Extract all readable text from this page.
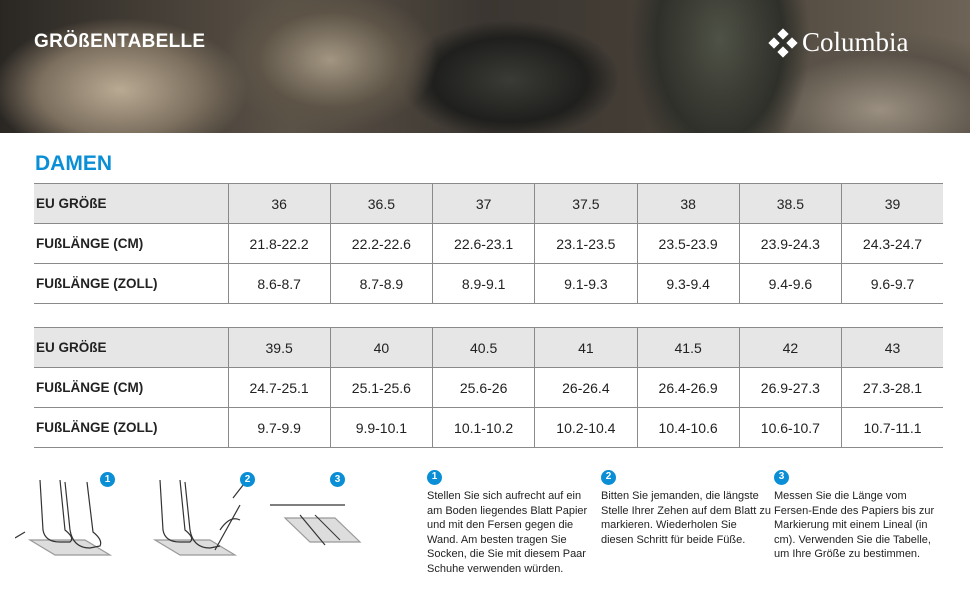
GRÖßENTABELLE	Columbia
DAMEN
EU GRÖßE	36	36.5	37	37.5	38	38.5	39
FUßLÄNGE (CM)	21.8-22.2	22.2-22.6	22.6-23.1	23.1-23.5	23.5-23.9	23.9-24.3	24.3-24.7
FUßLÄNGE (ZOLL)	8.6-8.7	8.7-8.9	8.9-9.1	9.1-9.3	9.3-9.4	9.4-9.6	9.6-9.7
EU GRÖßE	39.5	40	40.5	41	41.5	42	43
FUßLÄNGE (CM)	24.7-25.1	25.1-25.6	25.6-26	26-26.4	26.4-26.9	26.9-27.3	27.3-28.1
FUßLÄNGE (ZOLL)	9.7-9.9	9.9-10.1	10.1-10.2	10.2-10.4	10.4-10.6	10.6-10.7	10.7-11.1
1	2	3	1
Stellen Sie sich aufrecht auf ein am Boden liegendes Blatt Papier und mit den Fersen gegen die Wand. Am besten tragen Sie Socken, die Sie mit diesem Paar Schuhe verwenden würden.
2
Bitten Sie jemanden, die längste Stelle Ihrer Zehen auf dem Blatt zu markieren. Wiederholen Sie diesen Schritt für beide Füße.
3
Messen Sie die Länge vom Fersen-Ende des Papiers bis zur Markierung mit einem Lineal (in cm). Verwenden Sie die Tabelle, um Ihre Größe zu bestimmen.
